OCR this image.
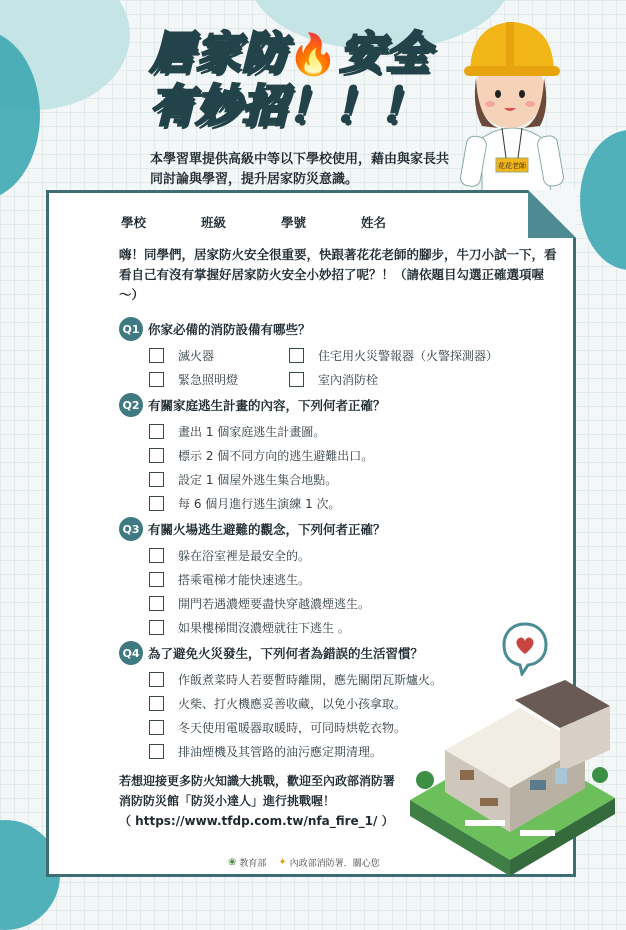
居家防🔥安全
有妙招！！！
本學習單提供高級中等以下學校使用，藉由與家長共同討論與學習，提升居家防災意識。
花花老師
學校	班級	學號	姓名
嗨！同學們，居家防火安全很重要，快跟著花花老師的腳步，牛刀小試一下，看看自己有沒有掌握好居家防火安全小妙招了呢？！（請依題目勾選正確選項喔～）
Q1 你家必備的消防設備有哪些？
滅火器	住宅用火災警報器（火警探測器）
緊急照明燈	室內消防栓
Q2 有關家庭逃生計畫的內容，下列何者正確？
畫出 1 個家庭逃生計畫圖。
標示 2 個不同方向的逃生避難出口。
設定 1 個屋外逃生集合地點。
每 6 個月進行逃生演練 1 次。
Q3 有關火場逃生避難的觀念，下列何者正確？
躲在浴室裡是最安全的。
搭乘電梯才能快速逃生。
開門若遇濃煙要盡快穿越濃煙逃生。
如果樓梯間沒濃煙就往下逃生 。
Q4 為了避免火災發生，下列何者為錯誤的生活習慣？
作飯煮菜時人若要暫時離開，應先關閉瓦斯爐火。
火柴、打火機應妥善收藏，以免小孩拿取。
冬天使用電暖器取暖時，可同時烘乾衣物。
排油煙機及其管路的油污應定期清理。
若想迎接更多防火知識大挑戰，歡迎至內政部消防署
消防防災館「防災小達人」進行挑戰喔！
（ https://www.tfdp.com.tw/nfa_fire_1/ ）
❀ 教育部 ✦ 內政部消防署．關心您
